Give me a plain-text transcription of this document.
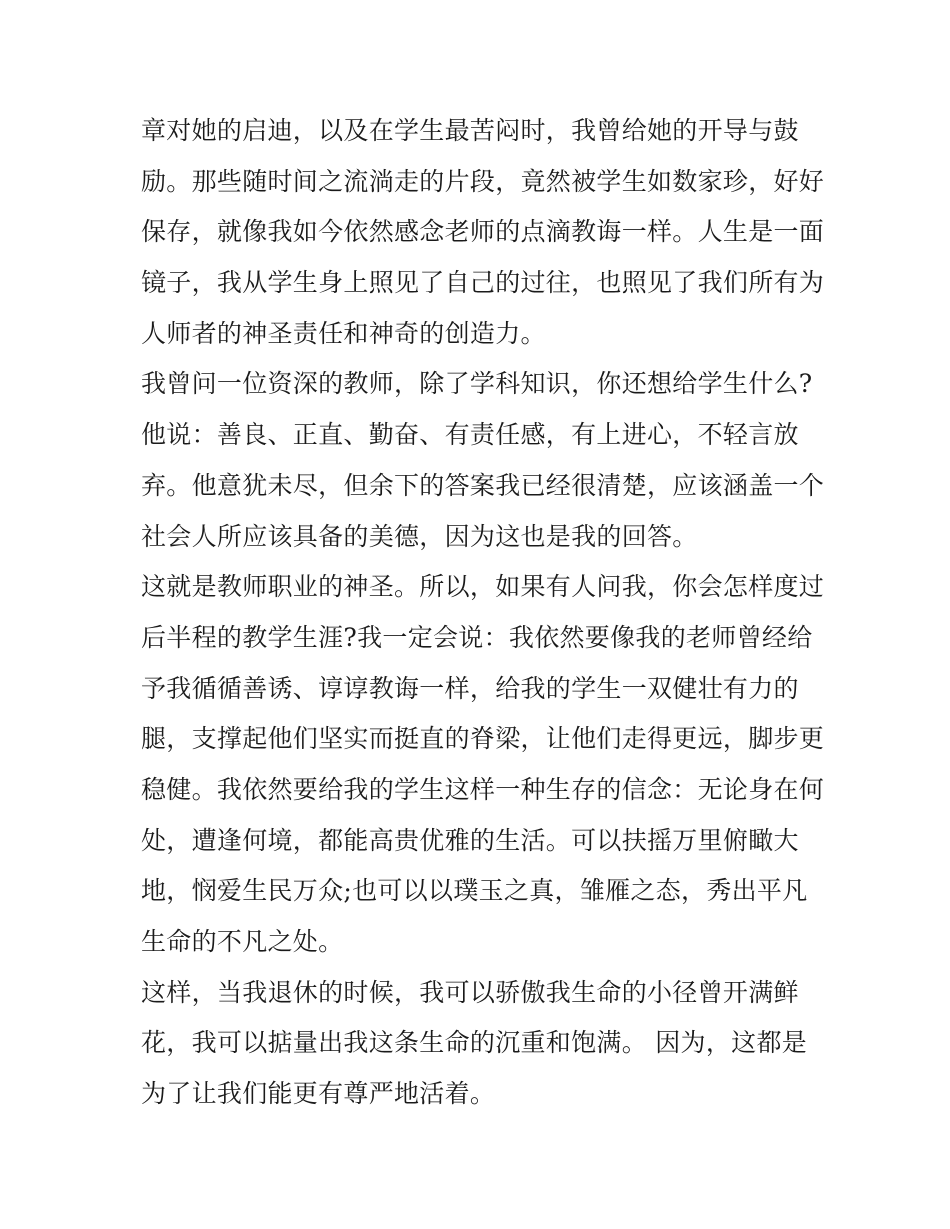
章对她的启迪，以及在学生最苦闷时，我曾给她的开导与鼓
励。那些随时间之流淌走的片段，竟然被学生如数家珍，好好
保存，就像我如今依然感念老师的点滴教诲一样。人生是一面
镜子，我从学生身上照见了自己的过往，也照见了我们所有为
人师者的神圣责任和神奇的创造力。
我曾问一位资深的教师，除了学科知识，你还想给学生什么?
他说：善良、正直、勤奋、有责任感，有上进心，不轻言放
弃。他意犹未尽，但余下的答案我已经很清楚，应该涵盖一个
社会人所应该具备的美德，因为这也是我的回答。
这就是教师职业的神圣。所以，如果有人问我，你会怎样度过
后半程的教学生涯?我一定会说：我依然要像我的老师曾经给
予我循循善诱、谆谆教诲一样，给我的学生一双健壮有力的
腿，支撑起他们坚实而挺直的脊梁，让他们走得更远，脚步更
稳健。我依然要给我的学生这样一种生存的信念：无论身在何
处，遭逢何境，都能高贵优雅的生活。可以扶摇万里俯瞰大
地，悯爱生民万众;也可以以璞玉之真，雏雁之态，秀出平凡
生命的不凡之处。
这样，当我退休的时候，我可以骄傲我生命的小径曾开满鲜
花，我可以掂量出我这条生命的沉重和饱满。 因为，这都是
为了让我们能更有尊严地活着。
